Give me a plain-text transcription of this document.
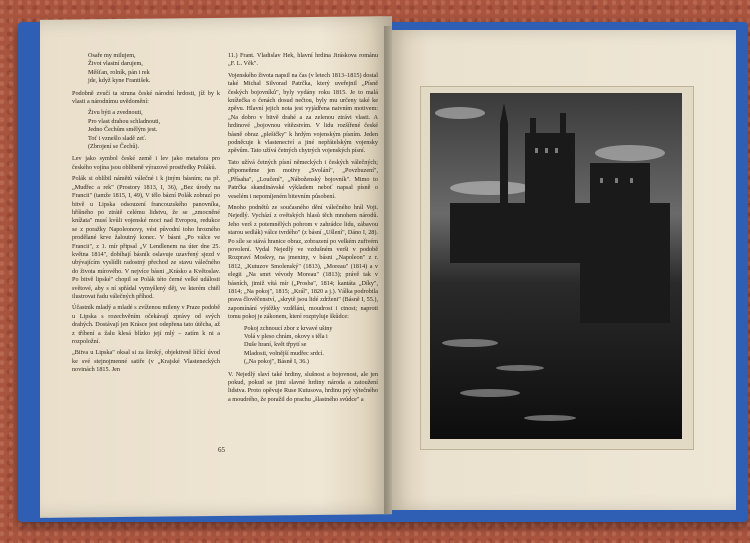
Osaře my milujem,
Život vlastní darujem,
Měšťan, rolník, pán i rek
jde, když kyne František.

Podobně zvučí ta struna české národní hrdosti, jíž by k vlasti a národnímu uvědomění:

Živu býti a zvednouti,
Pro vlast drahou schladnouti,
Jedno Čechům smělým jest.
Toť i vznešlo sladě zeť.
(Zbrojení se Čechů).

Lev jako symbol české země i lev jako metafora pro českého vojína jsou oblíbeně výrazové prostředky Poláků.

Polák si oblíbil námětů válečné i k jiným básním; na př. „Mudřec a rek" (Prostory 1813, I, 36), „Bez úrody na Francii" (tamže 1815, I, 49), V tělo bázní Polák zobrazí po bitvě u Lipska odsouzení francouzského panovníka, hříšného po ztrátě celému lidstvu, že se „zmocněné knížata" musí kvůli vojenské moci nad Evropou, redukce se z poražky Napoleonovy, vést původní toho hrozného prodělané krve žaloutný konec. V básni „Po válce ve Francii", z 1. mír připsal „V Lendlenem na úter dne 25. května 1814", dobíhají básník oslavuje uzavřený sjezd v ubývajícím vyslídlt radostný přechod ze stavu válečného do života mírového. V nejvíce básni „Krásko a Květoslav. Po bitvě lipské" chopil se Polák této černé velké události světové, aby s ní spřádal vymyšlený děj, ve kterém chtěl ilustrovat řadu válečných příhod.

Účastník mladý a mladé s zvíženou mileny v Praze podobě u Lipska s rozechvěním očekávají zprávy od svých drahých. Dostávají jen Krásce jest odepřena tato útěcha, až z tříbení a žalu klesá blízko její mlý – zatím k ni a rozpoložní.

„Bitva u Lipska" oksal si za široký, objektivně líčící úvod ke své stejnojmenné satiře (v „Krajské Vlasteneckých novinách 1815. Jen

11.) Frant. Vladislav Hek, hlavní hrdina Jiráskova románu „F. L. Věk".

Vojenského života napsil na čas (v letech 1813–1815) dostal také Michal Silvorad Patrčka, který uveřejnil „Písně českých bojovníků", byly vydány roku 1815. Je to malá knížečka o čenách dosud nečtou, byly mu určeny také ke zpěvu. Hlavní jejich nota jest vyjádřena naivním motivem: „Na dobro v bitvě drahé a za zelenou ztrávi vlasti. A hrdinové „bojovnou vítězstvím. V lidu rozšířené české básně obraz „plešičky" k hrdým vojenským písním. Jeden podněcuje k vlastenectví a jiné nepřátelským vojensky zpěvům. Tato užívá četných chytrých vojenských písní.

Tato užívá četných písní německých i českých válečných; připomeňme jen motivy „Svolání", „Povzbuzení", „Přísaha", „Loučení", „Náboženský bojovník". Mimo to Patrčka skandinávské výkladem neboť napsal písně o veselém i nepomíjeném bitevním působení.

Mnoho podnětů ze současného dění válečného hrál Vojt. Nejedlý. Vychází z ovětských hlasů těch mnohem národů. Jeho verš z potemnělých pohrom v zahrádce lidu, zábavou starou sedlák) válce tvrdého" (z básní „Ušlení", Dáno I, 28). Po síle se stává hranice obraz, zobrazení po velkém zuřivém povolení. Vydal Nejedlý ve vzdušném verši v podobě Rozpraví Moskvy, na jmeniny, v básni „Napoleon" z r. 1812, „Kutuzov Smolenský" (1813), „Moreau" (1814) a v elegii „Na smrt vévody Moreau" (1813); právě tak v básních, jimiž vítá mír („Prosba", 1814; kantáta „Díky", 1814; „Na pokoj", 1815; „Král", 1820 a j.). Válka podrobila prava člověčenství, „skrytě jsou lidé zdrženi" (Básně I, 55.), zapomínání výtěžky vzdělání, moudrost i ctnost; naproti tomu pokoj je zákonem, které rozptyluje škůdce:

Pokoj zchnoucí zbor z krvavé ušiny
Volá v pleso chrám, okovy s těla i
Duše hraní, květ třpytí se
Mladosti, volnější mudřec srdcí.
(„Na pokoj", Básně I, 36.)

V. Nejedlý slaví také hrdiny, slušnost a bojovnost, ale jen pokud, pokud se jimi slavné hrdiny národa a zatoužení lidstva. Proto opěvuje Ruse Kutusova, hrdinu prý výtečného a moudrého, že poražil do prachu „šlastného svůdce" a

65
